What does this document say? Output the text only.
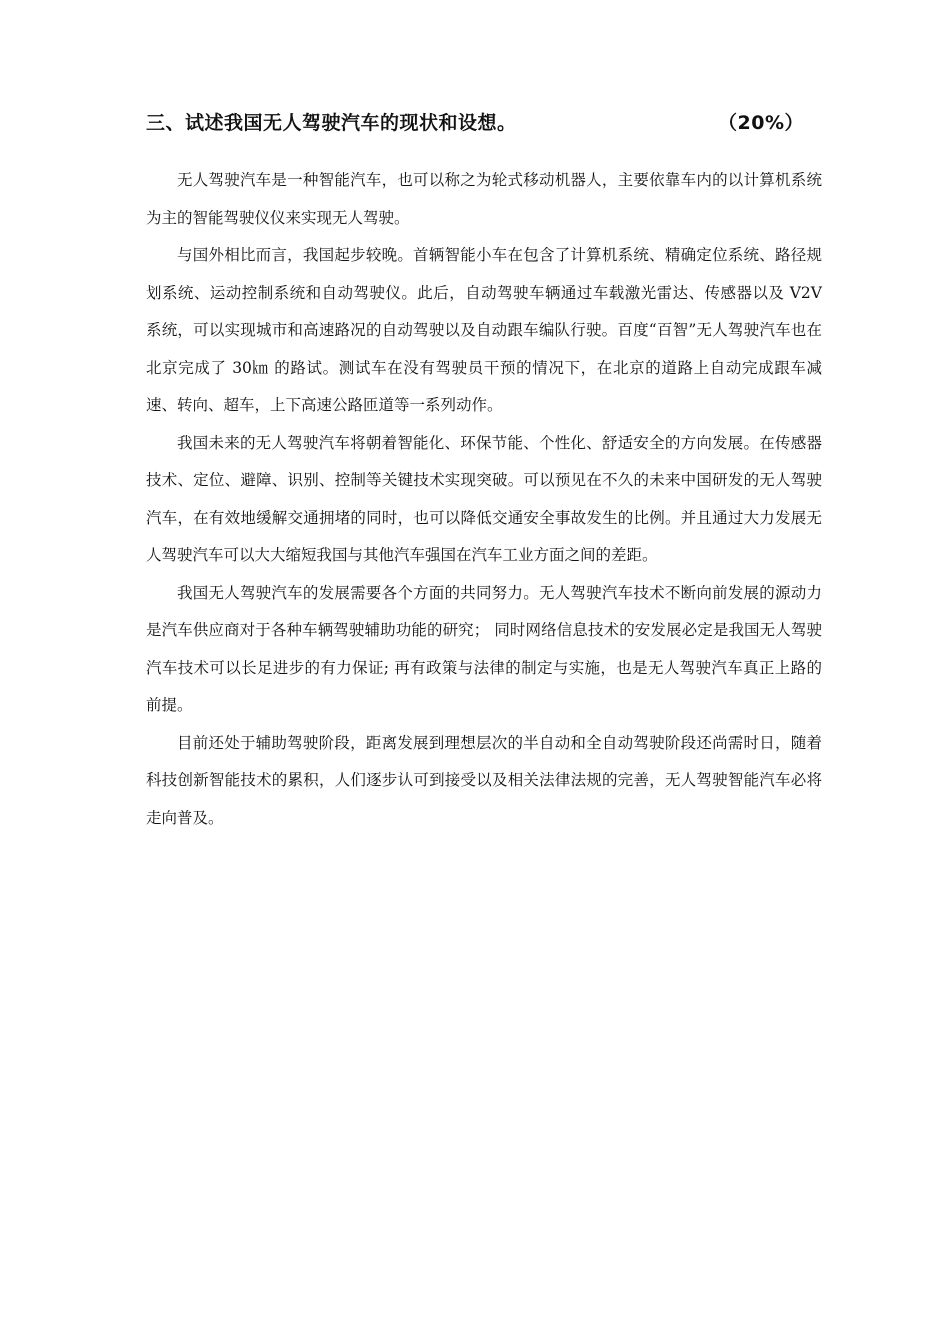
三、试述我国无人驾驶汽车的现状和设想。	（20%）

无人驾驶汽车是一种智能汽车，也可以称之为轮式移动机器人，主要依靠车内的以计算机系统为主的智能驾驶仪仪来实现无人驾驶。

与国外相比而言，我国起步较晚。首辆智能小车在包含了计算机系统、精确定位系统、路径规划系统、运动控制系统和自动驾驶仪。此后，自动驾驶车辆通过车载激光雷达、传感器以及 V2V 系统，可以实现城市和高速路况的自动驾驶以及自动跟车编队行驶。百度“百智”无人驾驶汽车也在北京完成了 30㎞ 的路试。测试车在没有驾驶员干预的情况下，在北京的道路上自动完成跟车减速、转向、超车，上下高速公路匝道等一系列动作。

我国未来的无人驾驶汽车将朝着智能化、环保节能、个性化、舒适安全的方向发展。在传感器技术、定位、避障、识别、控制等关键技术实现突破。可以预见在不久的未来中国研发的无人驾驶汽车，在有效地缓解交通拥堵的同时，也可以降低交通安全事故发生的比例。并且通过大力发展无人驾驶汽车可以大大缩短我国与其他汽车强国在汽车工业方面之间的差距。

我国无人驾驶汽车的发展需要各个方面的共同努力。无人驾驶汽车技术不断向前发展的源动力是汽车供应商对于各种车辆驾驶辅助功能的研究； 同时网络信息技术的安发展必定是我国无人驾驶汽车技术可以长足进步的有力保证; 再有政策与法律的制定与实施，也是无人驾驶汽车真正上路的前提。

目前还处于辅助驾驶阶段，距离发展到理想层次的半自动和全自动驾驶阶段还尚需时日，随着科技创新智能技术的累积，人们逐步认可到接受以及相关法律法规的完善，无人驾驶智能汽车必将走向普及。
